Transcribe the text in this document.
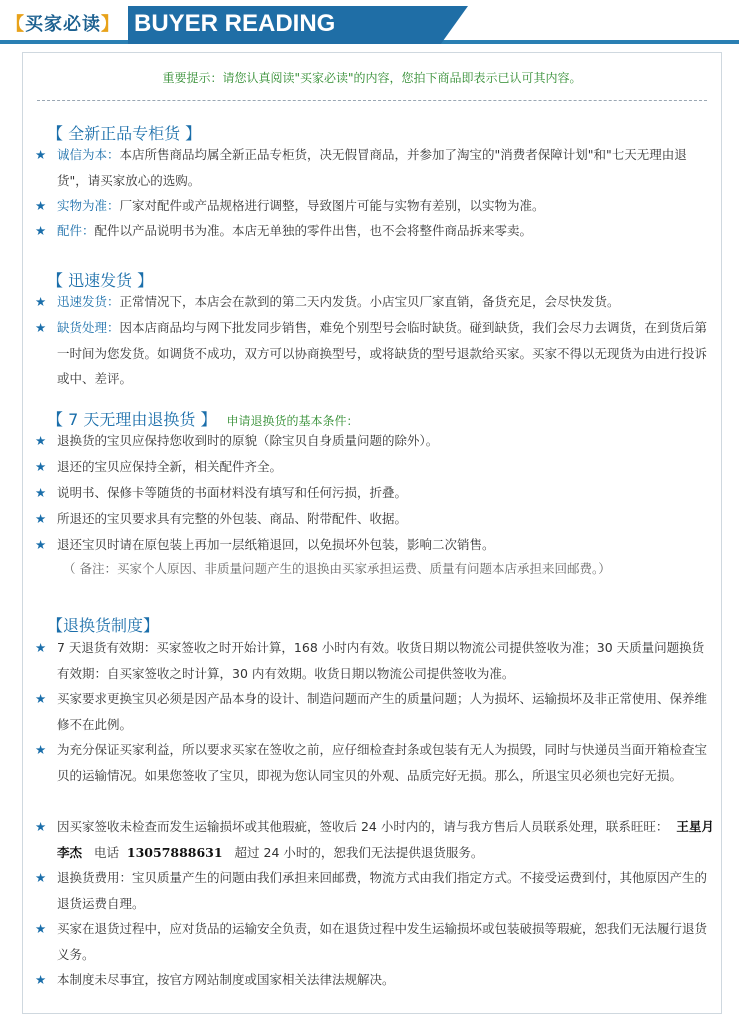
【买家必读】 BUYER READING
重要提示：请您认真阅读"买家必读"的内容，您拍下商品即表示已认可其内容。
【 全新正品专柜货 】
★ 诚信为本：本店所售商品均属全新正品专柜货，决无假冒商品，并参加了淘宝的"消费者保障计划"和"七天无理由退货"，请买家放心的选购。
★ 实物为准：厂家对配件或产品规格进行调整，导致图片可能与实物有差别，以实物为准。
★ 配件：配件以产品说明书为准。本店无单独的零件出售，也不会将整件商品拆来零卖。
【 迅速发货 】
★ 迅速发货：正常情况下，本店会在款到的第二天内发货。小店宝贝厂家直销，备货充足，会尽快发货。
★ 缺货处理：因本店商品均与网下批发同步销售，难免个别型号会临时缺货。碰到缺货，我们会尽力去调货，在到货后第一时间为您发货。如调货不成功，双方可以协商换型号，或将缺货的型号退款给买家。买家不得以无现货为由进行投诉或中、差评。
【 7 天无理由退换货 】 申请退换货的基本条件：
★ 退换货的宝贝应保持您收到时的原貌（除宝贝自身质量问题的除外）。
★ 退还的宝贝应保持全新，相关配件齐全。
★ 说明书、保修卡等随货的书面材料没有填写和任何污损，折叠。
★ 所退还的宝贝要求具有完整的外包装、商品、附带配件、收据。
★ 退还宝贝时请在原包装上再加一层纸箱退回，以免损坏外包装，影响二次销售。
（ 备注：买家个人原因、非质量问题产生的退换由买家承担运费、质量有问题本店承担来回邮费。）
【退换货制度】
★ 7 天退货有效期：买家签收之时开始计算，168 小时内有效。收货日期以物流公司提供签收为准；30 天质量问题换货有效期：自买家签收之时计算，30 内有效期。收货日期以物流公司提供签收为准。
★ 买家要求更换宝贝必须是因产品本身的设计、制造问题而产生的质量问题；人为损坏、运输损坏及非正常使用、保养维修不在此例。
★ 为充分保证买家利益，所以要求买家在签收之前，应仔细检查封条或包装有无人为损毁，同时与快递员当面开箱检查宝贝的运输情况。如果您签收了宝贝，即视为您认同宝贝的外观、品质完好无损。那么，所退宝贝必须也完好无损。
★ 因买家签收未检查而发生运输损坏或其他瑕疵，签收后 24 小时内的，请与我方售后人员联系处理，联系旺旺： 王星月李杰 电话 13057888631 超过 24 小时的，恕我们无法提供退货服务。
★ 退换货费用：宝贝质量产生的问题由我们承担来回邮费，物流方式由我们指定方式。不接受运费到付，其他原因产生的退货运费自理。
★ 买家在退货过程中，应对货品的运输安全负责，如在退货过程中发生运输损坏或包装破损等瑕疵，恕我们无法履行退货义务。
★ 本制度未尽事宜，按官方网站制度或国家相关法律法规解决。
